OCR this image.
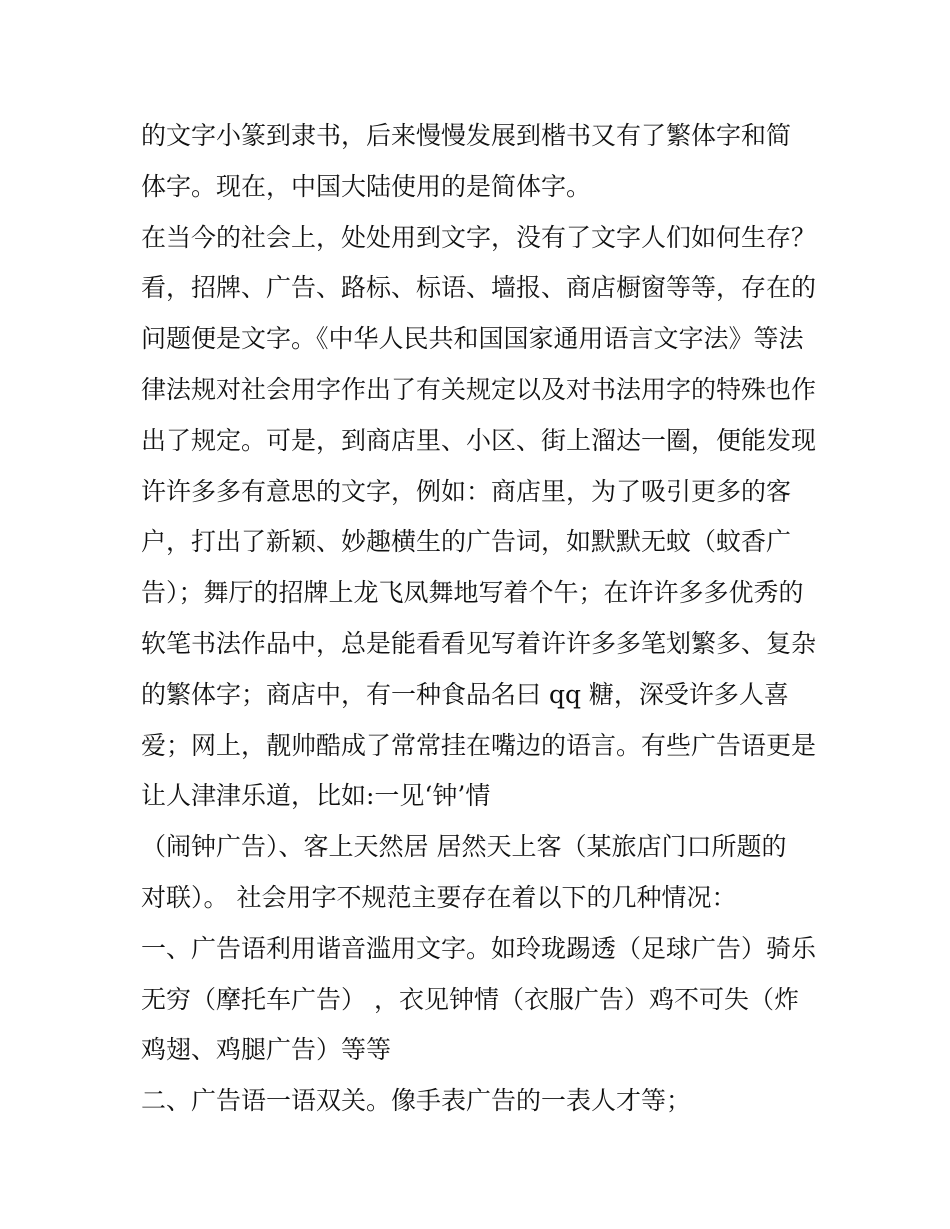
的文字小篆到隶书，后来慢慢发展到楷书又有了繁体字和简
体字。现在，中国大陆使用的是简体字。
在当今的社会上，处处用到文字，没有了文字人们如何生存？
看，招牌、广告、路标、标语、墙报、商店橱窗等等，存在的
问题便是文字。《中华人民共和国国家通用语言文字法》等法
律法规对社会用字作出了有关规定以及对书法用字的特殊也作
出了规定。可是，到商店里、小区、街上溜达一圈，便能发现
许许多多有意思的文字，例如：商店里，为了吸引更多的客
户，打出了新颖、妙趣横生的广告词，如默默无蚊（蚊香广
告）；舞厅的招牌上龙飞凤舞地写着个午；在许许多多优秀的
软笔书法作品中，总是能看看见写着许许多多笔划繁多、复杂
的繁体字；商店中，有一种食品名曰 qq 糖，深受许多人喜
爱；网上，靓帅酷成了常常挂在嘴边的语言。有些广告语更是
让人津津乐道，比如:一见‘钟’情
（闹钟广告）、客上天然居 居然天上客（某旅店门口所题的
对联）。 社会用字不规范主要存在着以下的几种情况：
一、广告语利用谐音滥用文字。如玲珑踢透（足球广告）骑乐
无穷（摩托车广告） ，衣见钟情（衣服广告）鸡不可失（炸
鸡翅、鸡腿广告）等等
二、广告语一语双关。像手表广告的一表人才等；
